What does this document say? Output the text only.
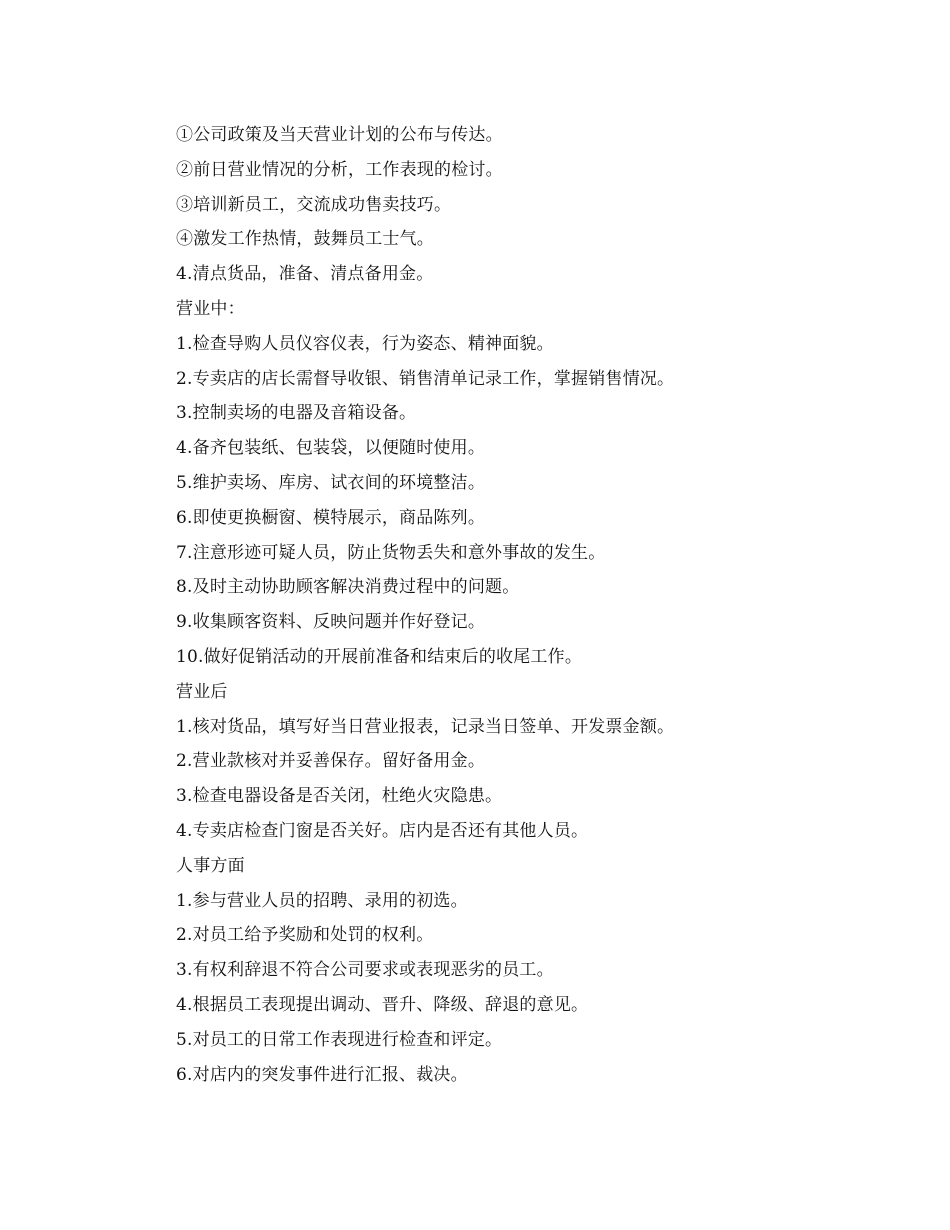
①公司政策及当天营业计划的公布与传达。
②前日营业情况的分析，工作表现的检讨。
③培训新员工，交流成功售卖技巧。
④激发工作热情，鼓舞员工士气。
4.清点货品，准备、清点备用金。
营业中：
1.检查导购人员仪容仪表，行为姿态、精神面貌。
2.专卖店的店长需督导收银、销售清单记录工作，掌握销售情况。
3.控制卖场的电器及音箱设备。
4.备齐包装纸、包装袋，以便随时使用。
5.维护卖场、库房、试衣间的环境整洁。
6.即使更换橱窗、模特展示，商品陈列。
7.注意形迹可疑人员，防止货物丢失和意外事故的发生。
8.及时主动协助顾客解决消费过程中的问题。
9.收集顾客资料、反映问题并作好登记。
10.做好促销活动的开展前准备和结束后的收尾工作。
营业后
1.核对货品，填写好当日营业报表，记录当日签单、开发票金额。
2.营业款核对并妥善保存。留好备用金。
3.检查电器设备是否关闭，杜绝火灾隐患。
4.专卖店检查门窗是否关好。店内是否还有其他人员。
人事方面
1.参与营业人员的招聘、录用的初选。
2.对员工给予奖励和处罚的权利。
3.有权利辞退不符合公司要求或表现恶劣的员工。
4.根据员工表现提出调动、晋升、降级、辞退的意见。
5.对员工的日常工作表现进行检查和评定。
6.对店内的突发事件进行汇报、裁决。
